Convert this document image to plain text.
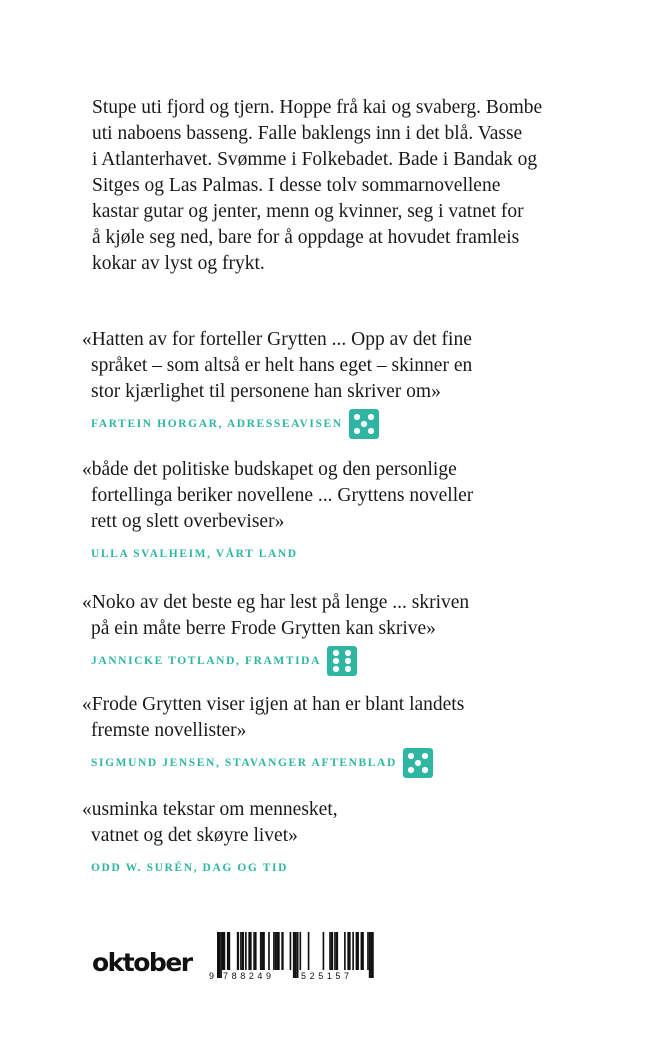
Stupe uti fjord og tjern. Hoppe frå kai og svaberg. Bombe
uti naboens basseng. Falle baklengs inn i det blå. Vasse
i Atlanterhavet. Svømme i Folkebadet. Bade i Bandak og
Sitges og Las Palmas. I desse tolv sommarnovellene
kastar gutar og jenter, menn og kvinner, seg i vatnet for
å kjøle seg ned, bare for å oppdage at hovudet framleis
kokar av lyst og frykt.

«Hatten av for forteller Grytten ... Opp av det fine
språket – som altså er helt hans eget – skinner en
stor kjærlighet til personene han skriver om»

FARTEIN HORGAR, ADRESSEAVISEN

«både det politiske budskapet og den personlige
fortellinga beriker novellene ... Gryttens noveller
rett og slett overbeviser»

ULLA SVALHEIM, VÅRT LAND

«Noko av det beste eg har lest på lenge ... skriven
på ein måte berre Frode Grytten kan skrive»

JANNICKE TOTLAND, FRAMTIDA

«Frode Grytten viser igjen at han er blant landets
fremste novellister»

SIGMUND JENSEN, STAVANGER AFTENBLAD

«usminka tekstar om mennesket,
vatnet og det skøyre livet»

ODD W. SURÉN, DAG OG TID
oktober 9 788249	525157
